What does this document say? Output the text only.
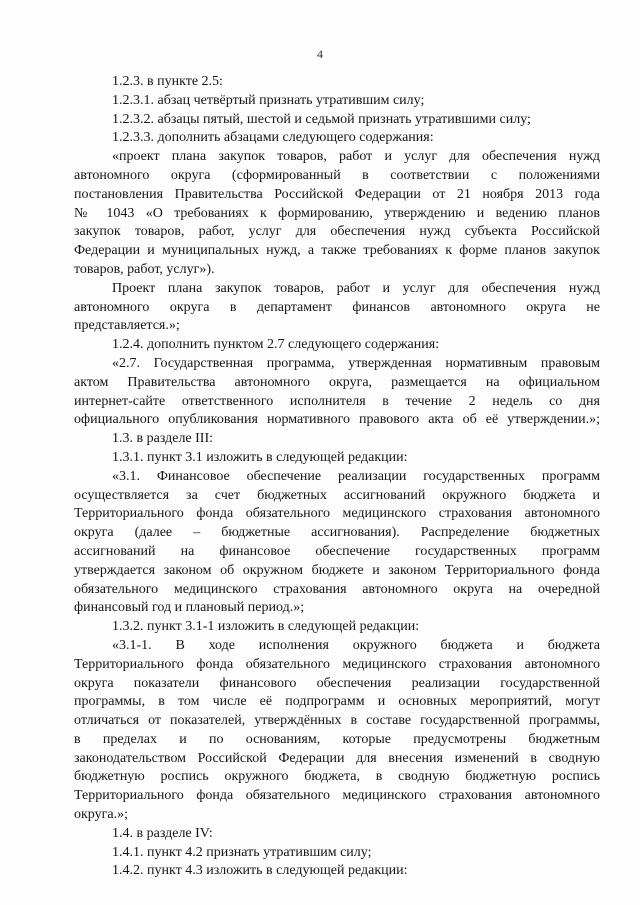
4
1.2.3. в пункте 2.5:
1.2.3.1. абзац четвёртый признать утратившим силу;
1.2.3.2. абзацы пятый, шестой и седьмой признать утратившими силу;
1.2.3.3. дополнить абзацами следующего содержания:
«проект плана закупок товаров, работ и услуг для обеспечения нужд
автономного округа (сформированный в соответствии с положениями
постановления Правительства Российской Федерации от 21 ноября 2013 года
№ 1043 «О требованиях к формированию, утверждению и ведению планов
закупок товаров, работ, услуг для обеспечения нужд субъекта Российской
Федерации и муниципальных нужд, а также требованиях к форме планов закупок
товаров, работ, услуг»).
Проект плана закупок товаров, работ и услуг для обеспечения нужд
автономного округа в департамент финансов автономного округа не
представляется.»;
1.2.4. дополнить пунктом 2.7 следующего содержания:
«2.7. Государственная программа, утвержденная нормативным правовым
актом Правительства автономного округа, размещается на официальном
интернет-сайте ответственного исполнителя в течение 2 недель со дня
официального опубликования нормативного правового акта об её утверждении.»;
1.3. в разделе III:
1.3.1. пункт 3.1 изложить в следующей редакции:
«3.1. Финансовое обеспечение реализации государственных программ
осуществляется за счет бюджетных ассигнований окружного бюджета и
Территориального фонда обязательного медицинского страхования автономного
округа (далее – бюджетные ассигнования). Распределение бюджетных
ассигнований на финансовое обеспечение государственных программ
утверждается законом об окружном бюджете и законом Территориального фонда
обязательного медицинского страхования автономного округа на очередной
финансовый год и плановый период.»;
1.3.2. пункт 3.1-1 изложить в следующей редакции:
«3.1-1. В ходе исполнения окружного бюджета и бюджета
Территориального фонда обязательного медицинского страхования автономного
округа показатели финансового обеспечения реализации государственной
программы, в том числе её подпрограмм и основных мероприятий, могут
отличаться от показателей, утверждённых в составе государственной программы,
в пределах и по основаниям, которые предусмотрены бюджетным
законодательством Российской Федерации для внесения изменений в сводную
бюджетную роспись окружного бюджета, в сводную бюджетную роспись
Территориального фонда обязательного медицинского страхования автономного
округа.»;
1.4. в разделе IV:
1.4.1. пункт 4.2 признать утратившим силу;
1.4.2. пункт 4.3 изложить в следующей редакции:
